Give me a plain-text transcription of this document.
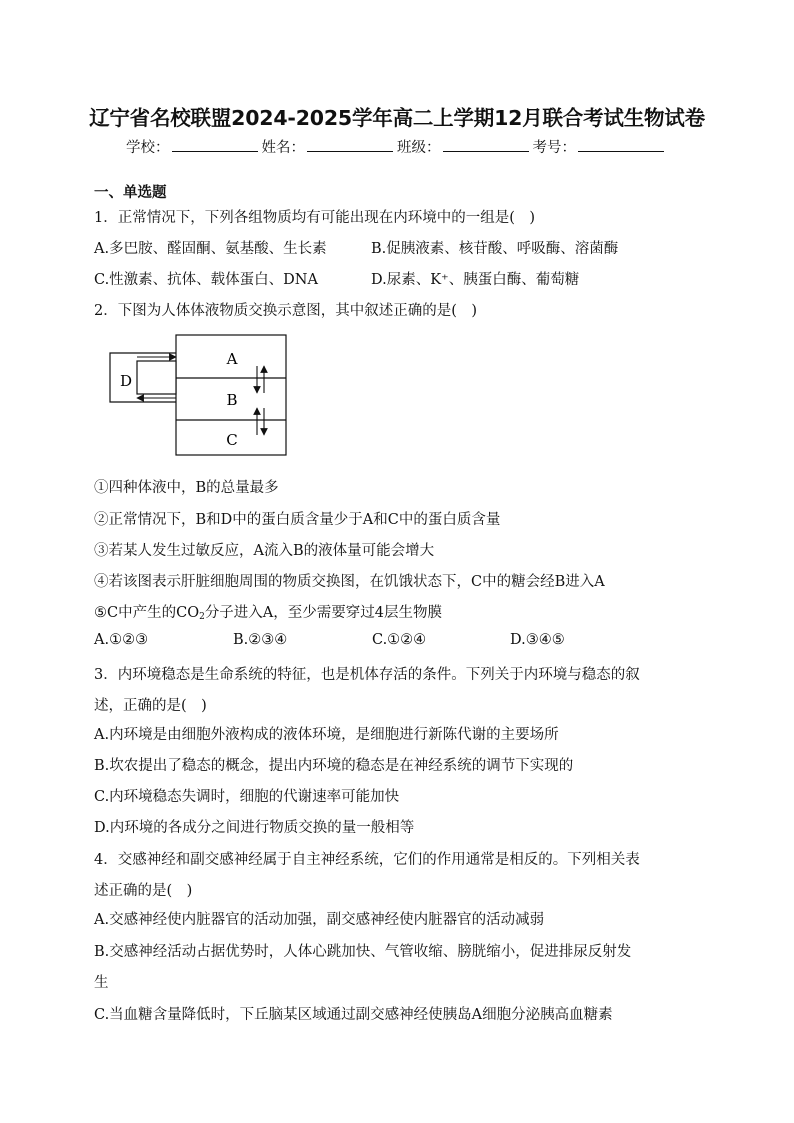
辽宁省名校联盟2024-2025学年高二上学期12月联合考试生物试卷
学校：	姓名：	班级：	考号：
一、单选题
1．正常情况下，下列各组物质均有可能出现在内环境中的一组是(　)
A.多巴胺、醛固酮、氨基酸、生长素	B.促胰液素、核苷酸、呼吸酶、溶菌酶
C.性激素、抗体、载体蛋白、DNA	D.尿素、K⁺、胰蛋白酶、葡萄糖
2．下图为人体体液物质交换示意图，其中叙述正确的是(　)
A
B
C
D
①四种体液中，B的总量最多
②正常情况下，B和D中的蛋白质含量少于A和C中的蛋白质含量
③若某人发生过敏反应，A流入B的液体量可能会增大
④若该图表示肝脏细胞周围的物质交换图，在饥饿状态下，C中的糖会经B进入A
⑤C中产生的$CO_2$分子进入A，至少需要穿过4层生物膜
A.①②③	B.②③④	C.①②④	D.③④⑤
3．内环境稳态是生命系统的特征，也是机体存活的条件。下列关于内环境与稳态的叙
述，正确的是(　)
A.内环境是由细胞外液构成的液体环境，是细胞进行新陈代谢的主要场所
B.坎农提出了稳态的概念，提出内环境的稳态是在神经系统的调节下实现的
C.内环境稳态失调时，细胞的代谢速率可能加快
D.内环境的各成分之间进行物质交换的量一般相等
4．交感神经和副交感神经属于自主神经系统，它们的作用通常是相反的。下列相关表
述正确的是(　)
A.交感神经使内脏器官的活动加强，副交感神经使内脏器官的活动减弱
B.交感神经活动占据优势时，人体心跳加快、气管收缩、膀胱缩小，促进排尿反射发
生
C.当血糖含量降低时，下丘脑某区域通过副交感神经使胰岛A细胞分泌胰高血糖素
